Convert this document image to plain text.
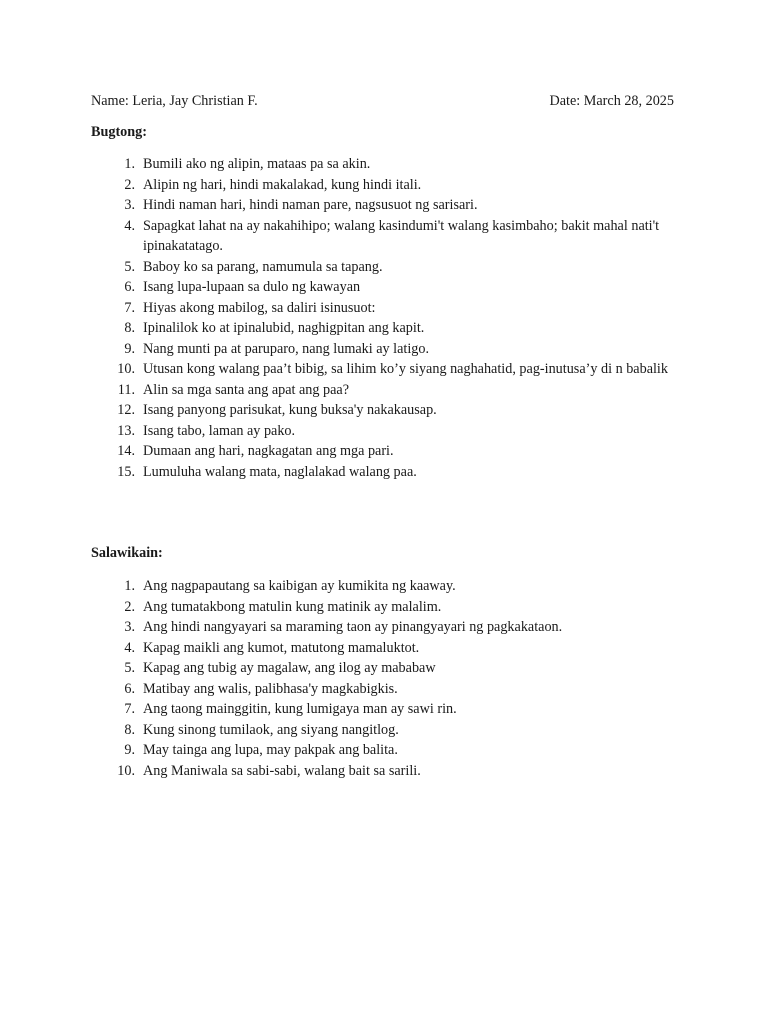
Name: Leria, Jay Christian F.	Date: March 28, 2025
Bugtong:
1. Bumili ako ng alipin, mataas pa sa akin.
2. Alipin ng hari, hindi makalakad, kung hindi itali.
3. Hindi naman hari, hindi naman pare, nagsusuot ng sarisari.
4. Sapagkat lahat na ay nakahihipo; walang kasindumi't walang kasimbaho; bakit mahal nati't ipinakatatago.
5. Baboy ko sa parang, namumula sa tapang.
6. Isang lupa-lupaan sa dulo ng kawayan
7. Hiyas akong mabilog, sa daliri isinusuot:
8. Ipinalilok ko at ipinalubid, naghigpitan ang kapit.
9. Nang munti pa at paruparo, nang lumaki ay latigo.
10. Utusan kong walang paa’t bibig, sa lihim ko’y siyang naghahatid, pag-inutusa’y di n babalik
11. Alin sa mga santa ang apat ang paa?
12. Isang panyong parisukat, kung buksa'y nakakausap.
13. Isang tabo, laman ay pako.
14. Dumaan ang hari, nagkagatan ang mga pari.
15. Lumuluha walang mata, naglalakad walang paa.
Salawikain:
1. Ang nagpapautang sa kaibigan ay kumikita ng kaaway.
2. Ang tumatakbong matulin kung matinik ay malalim.
3. Ang hindi nangyayari sa maraming taon ay pinangyayari ng pagkakataon.
4. Kapag maikli ang kumot, matutong mamaluktot.
5. Kapag ang tubig ay magalaw, ang ilog ay mababaw
6. Matibay ang walis, palibhasa'y magkabigkis.
7. Ang taong mainggitin, kung lumigaya man ay sawi rin.
8. Kung sinong tumilaok, ang siyang nangitlog.
9. May tainga ang lupa, may pakpak ang balita.
10. Ang Maniwala sa sabi-sabi, walang bait sa sarili.
